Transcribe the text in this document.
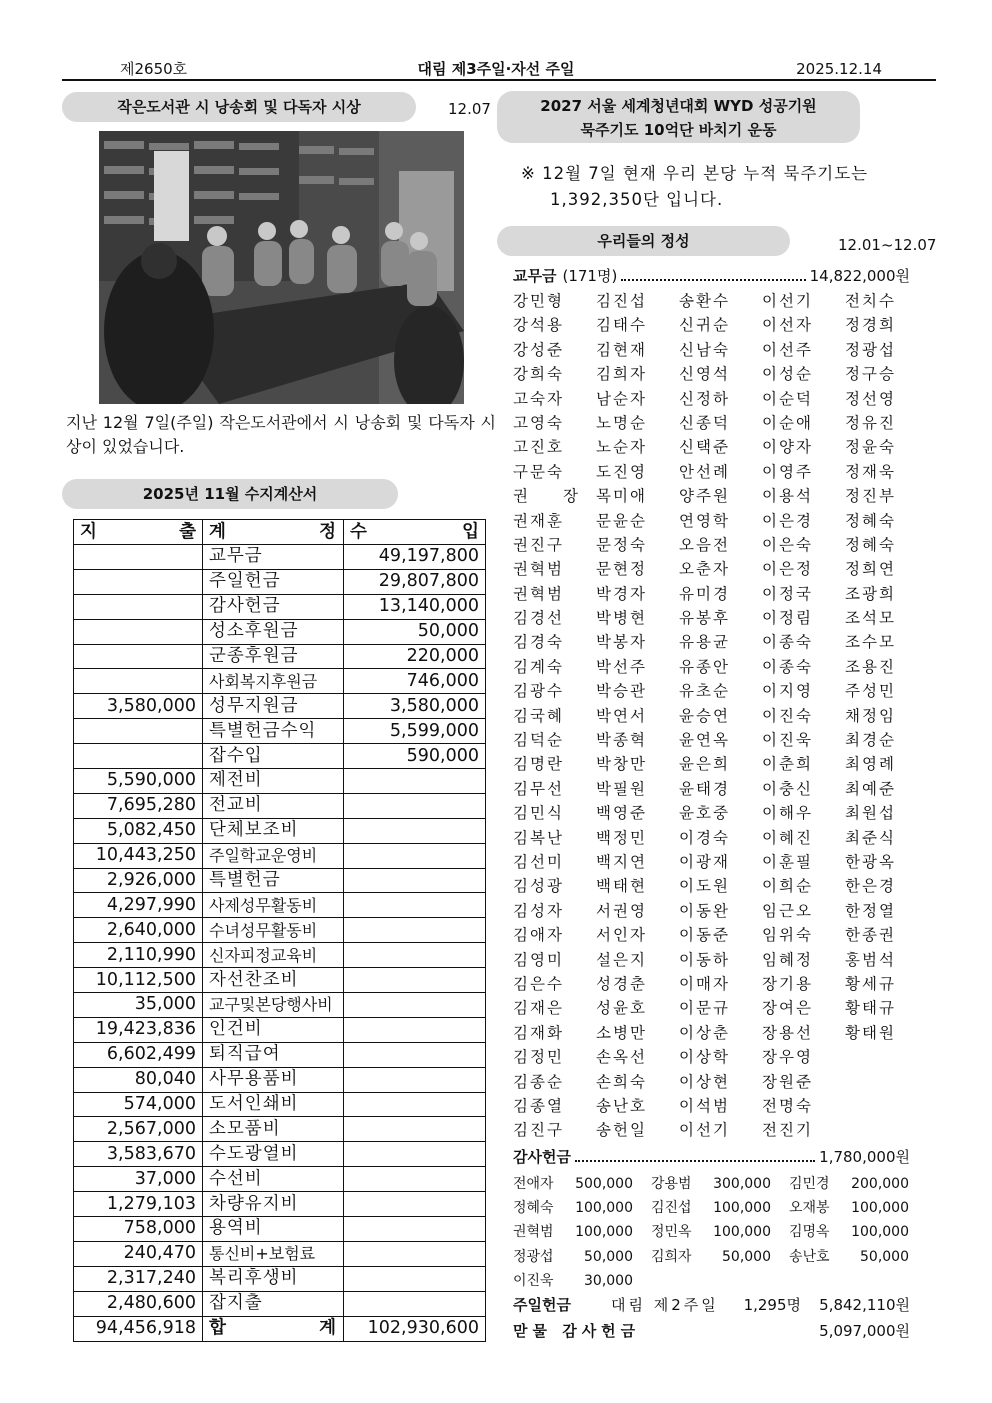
제2650호	대림 제3주일·자선 주일	2025.12.14
작은도서관 시 낭송회 및 다독자 시상	12.07
지난 12월 7일(주일) 작은도서관에서 시 낭송회 및 다독자 시상이 있었습니다.
2025년 11월 수지계산서
지 출	계 정	수 입
	교무금	49,197,800
	주일헌금	29,807,800
	감사헌금	13,140,000
	성소후원금	50,000
	군종후원금	220,000
	사회복지후원금	746,000
3,580,000	성무지원금	3,580,000
	특별헌금수익	5,599,000
	잡수입	590,000
5,590,000	제전비	
7,695,280	전교비	
5,082,450	단체보조비	
10,443,250	주일학교운영비	
2,926,000	특별헌금	
4,297,990	사제성무활동비	
2,640,000	수녀성무활동비	
2,110,990	신자피정교육비	
10,112,500	자선찬조비	
35,000	교구및본당행사비	
19,423,836	인건비	
6,602,499	퇴직급여	
80,040	사무용품비	
574,000	도서인쇄비	
2,567,000	소모품비	
3,583,670	수도광열비	
37,000	수선비	
1,279,103	차량유지비	
758,000	용역비	
240,470	통신비+보험료	
2,317,240	복리후생비	
2,480,600	잡지출	
94,456,918	합 계	102,930,600
2027 서울 세계청년대회 WYD 성공기원
묵주기도 10억단 바치기 운동
※ 12월 7일 현재 우리 본당 누적 묵주기도는
1,392,350단 입니다.
우리들의 정성	12.01~12.07
교무금 (171명)	14,822,000원
강민형	김진섭	송환수	이선기	전치수
강석용	김태수	신귀순	이선자	정경희
강성준	김현재	신남숙	이선주	정광섭
강희숙	김희자	신영석	이성순	정구승
고숙자	남순자	신정하	이순덕	정선영
고영숙	노명순	신종덕	이순애	정유진
고진호	노순자	신택준	이양자	정윤숙
구문숙	도진영	안선례	이영주	정재욱
권 장	목미애	양주원	이용석	정진부
권재훈	문윤순	연영학	이은경	정혜숙
권진구	문정숙	오음전	이은숙	정혜숙
권혁범	문현정	오춘자	이은정	정희연
권혁범	박경자	유미경	이정국	조광희
김경선	박병현	유봉후	이정림	조석모
김경숙	박봉자	유용균	이종숙	조수모
김계숙	박선주	유종안	이종숙	조용진
김광수	박승관	유초순	이지영	주성민
김국혜	박연서	윤승연	이진숙	채정임
김덕순	박종혁	윤연옥	이진욱	최경순
김명란	박창만	윤은희	이춘희	최영례
김무선	박필원	윤태경	이충신	최예준
김민식	백영준	윤호중	이해우	최원섭
김복난	백정민	이경숙	이혜진	최준식
김선미	백지연	이광재	이훈필	한광옥
김성광	백태현	이도원	이희순	한은경
김성자	서권영	이동완	임근오	한정열
김애자	서인자	이동준	임위숙	한종권
김영미	설은지	이동하	임혜정	홍범석
김은수	성경춘	이매자	장기용	황세규
김재은	성윤호	이문규	장여은	황태규
김재화	소병만	이상춘	장용선	황태원
김정민	손옥선	이상학	장우영
김종순	손희숙	이상현	장원준
김종열	송난호	이석범	전명숙
김진구	송헌일	이선기	전진기
감사헌금	1,780,000원
전애자	500,000 강용범	300,000 김민경	200,000
정혜숙	100,000 김진섭	100,000 오재봉	100,000
권혁범	100,000 정민옥	100,000 김명옥	100,000
정광섭	50,000 김희자	50,000 송난호	50,000
이진욱	30,000
주일헌금	대림 제2주일	1,295명	5,842,110원
맏물 감사헌금	5,097,000원
